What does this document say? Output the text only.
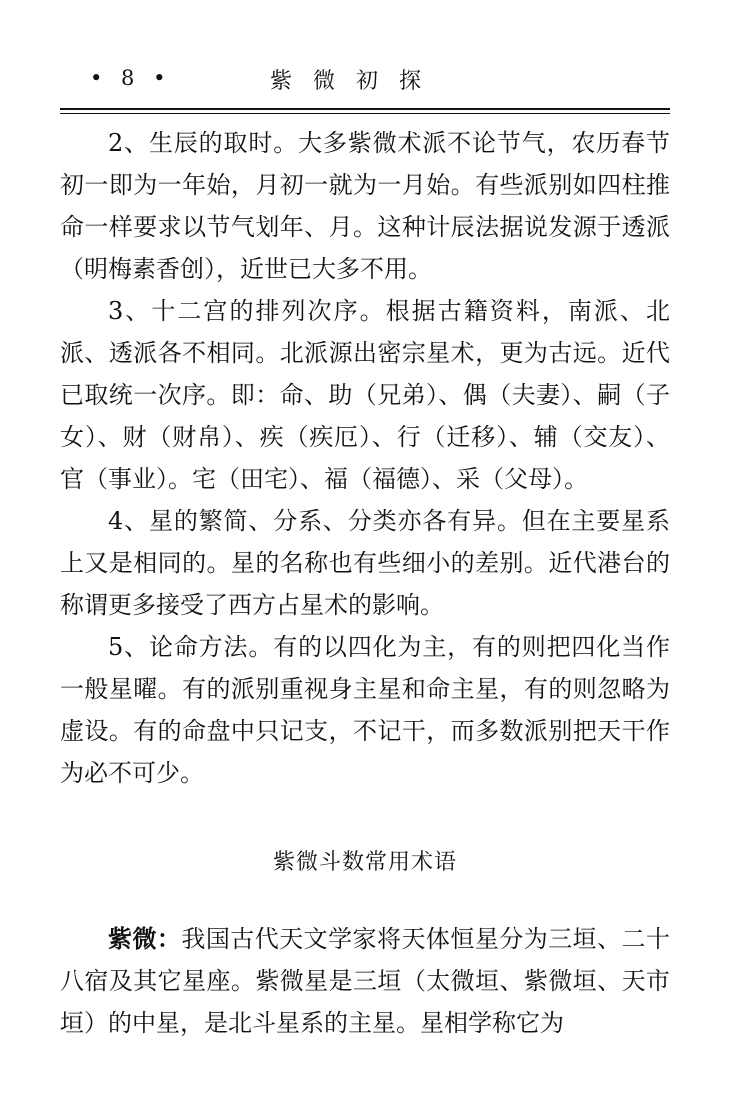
• 8 •	紫微初探

2、生辰的取时。大多紫微术派不论节气，农历春节初一即为一年始，月初一就为一月始。有些派别如四柱推命一样要求以节气划年、月。这种计辰法据说发源于透派（明梅素香创），近世已大多不用。

3、十二宫的排列次序。根据古籍资料，南派、北派、透派各不相同。北派源出密宗星术，更为古远。近代已取统一次序。即：命、助（兄弟）、偶（夫妻）、嗣（子女）、财（财帛）、疾（疾厄）、行（迁移）、辅（交友）、官（事业）。宅（田宅）、福（福德）、采（父母）。

4、星的繁简、分系、分类亦各有异。但在主要星系上又是相同的。星的名称也有些细小的差别。近代港台的称谓更多接受了西方占星术的影响。

5、论命方法。有的以四化为主，有的则把四化当作一般星曜。有的派别重视身主星和命主星，有的则忽略为虚设。有的命盘中只记支，不记干，而多数派别把天干作为必不可少。

紫微斗数常用术语

紫微：我国古代天文学家将天体恒星分为三垣、二十八宿及其它星座。紫微星是三垣（太微垣、紫微垣、天市垣）的中星，是北斗星系的主星。星相学称它为
